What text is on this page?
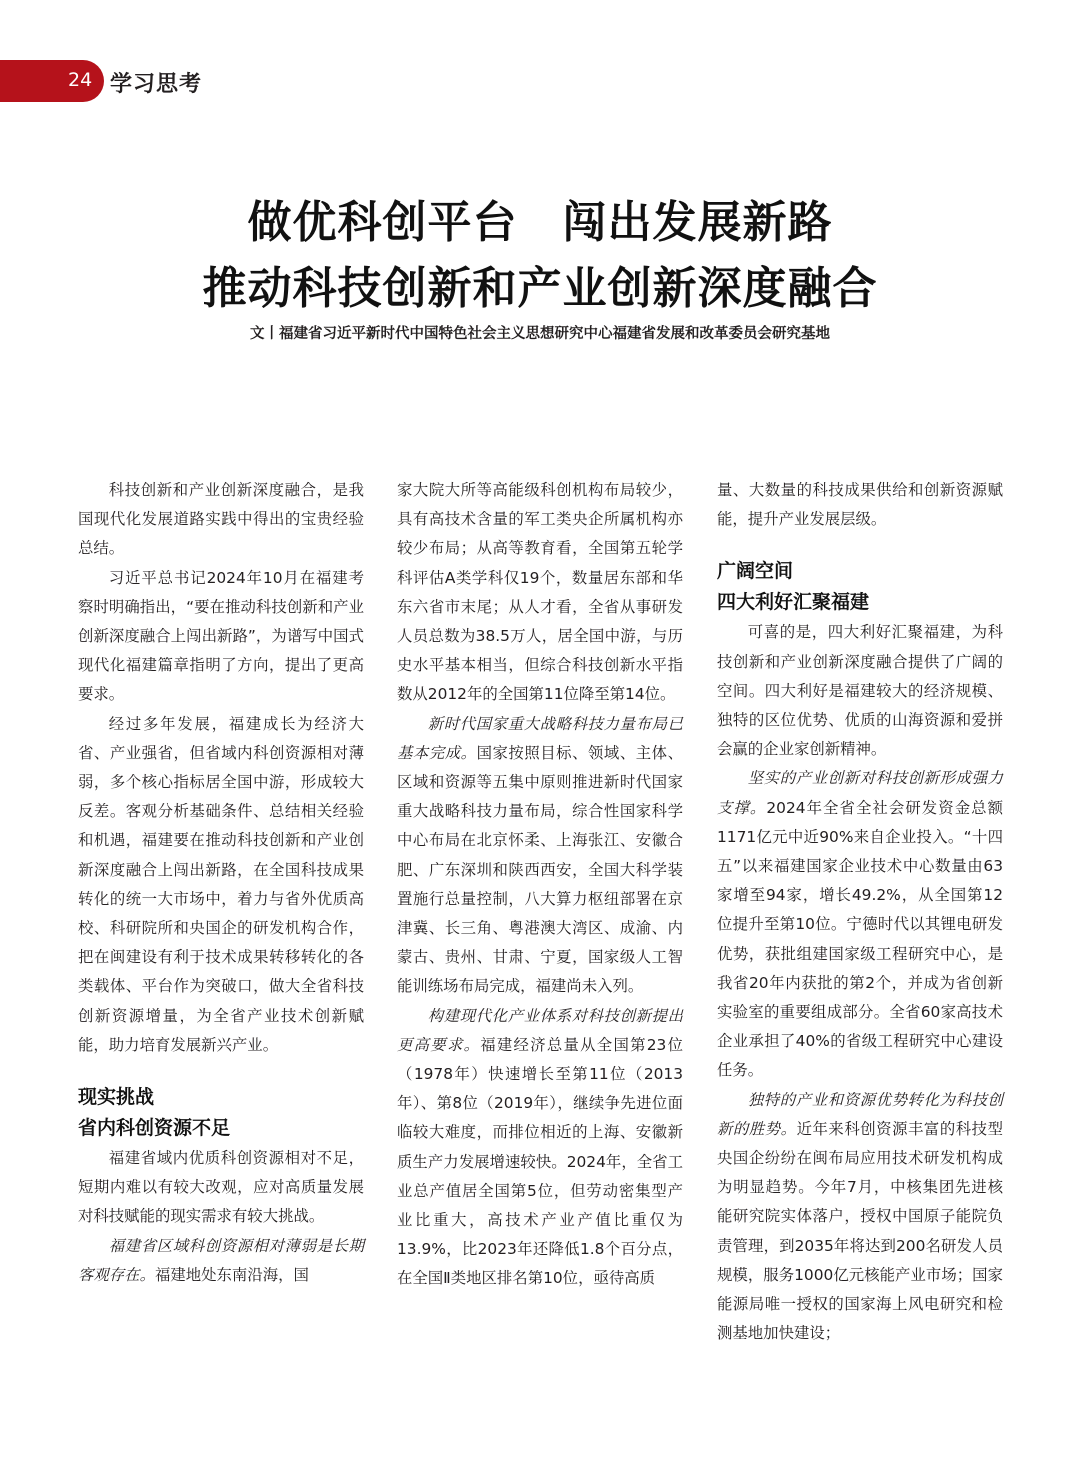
24 学习思考
做优科创平台　闯出发展新路
推动科技创新和产业创新深度融合
文丨福建省习近平新时代中国特色社会主义思想研究中心福建省发展和改革委员会研究基地

科技创新和产业创新深度融合，是我国现代化发展道路实践中得出的宝贵经验总结。

习近平总书记2024年10月在福建考察时明确指出，“要在推动科技创新和产业创新深度融合上闯出新路”，为谱写中国式现代化福建篇章指明了方向，提出了更高要求。

经过多年发展，福建成长为经济大省、产业强省，但省域内科创资源相对薄弱，多个核心指标居全国中游，形成较大反差。客观分析基础条件、总结相关经验和机遇，福建要在推动科技创新和产业创新深度融合上闯出新路，在全国科技成果转化的统一大市场中，着力与省外优质高校、科研院所和央国企的研发机构合作，把在闽建设有利于技术成果转移转化的各类载体、平台作为突破口，做大全省科技创新资源增量，为全省产业技术创新赋能，助力培育发展新兴产业。

现实挑战

省内科创资源不足

福建省域内优质科创资源相对不足，短期内难以有较大改观，应对高质量发展对科技赋能的现实需求有较大挑战。

福建省区域科创资源相对薄弱是长期客观存在。福建地处东南沿海，国

家大院大所等高能级科创机构布局较少，具有高技术含量的军工类央企所属机构亦较少布局；从高等教育看，全国第五轮学科评估A类学科仅19个，数量居东部和华东六省市末尾；从人才看，全省从事研发人员总数为38.5万人，居全国中游，与历史水平基本相当，但综合科技创新水平指数从2012年的全国第11位降至第14位。

新时代国家重大战略科技力量布局已基本完成。国家按照目标、领域、主体、区域和资源等五集中原则推进新时代国家重大战略科技力量布局，综合性国家科学中心布局在北京怀柔、上海张江、安徽合肥、广东深圳和陕西西安，全国大科学装置施行总量控制，八大算力枢纽部署在京津冀、长三角、粤港澳大湾区、成渝、内蒙古、贵州、甘肃、宁夏，国家级人工智能训练场布局完成，福建尚未入列。

构建现代化产业体系对科技创新提出更高要求。福建经济总量从全国第23位（1978年）快速增长至第11位（2013年）、第8位（2019年），继续争先进位面临较大难度，而排位相近的上海、安徽新质生产力发展增速较快。2024年，全省工业总产值居全国第5位，但劳动密集型产业比重大，高技术产业产值比重仅为13.9%，比2023年还降低1.8个百分点，在全国Ⅱ类地区排名第10位，亟待高质

量、大数量的科技成果供给和创新资源赋能，提升产业发展层级。

广阔空间

四大利好汇聚福建

可喜的是，四大利好汇聚福建，为科技创新和产业创新深度融合提供了广阔的空间。四大利好是福建较大的经济规模、独特的区位优势、优质的山海资源和爱拼会赢的企业家创新精神。

坚实的产业创新对科技创新形成强力支撑。2024年全省全社会研发资金总额1171亿元中近90%来自企业投入。“十四五”以来福建国家企业技术中心数量由63家增至94家，增长49.2%，从全国第12位提升至第10位。宁德时代以其锂电研发优势，获批组建国家级工程研究中心，是我省20年内获批的第2个，并成为省创新实验室的重要组成部分。全省60家高技术企业承担了40%的省级工程研究中心建设任务。

独特的产业和资源优势转化为科技创新的胜势。近年来科创资源丰富的科技型央国企纷纷在闽布局应用技术研发机构成为明显趋势。今年7月，中核集团先进核能研究院实体落户，授权中国原子能院负责管理，到2035年将达到200名研发人员规模，服务1000亿元核能产业市场；国家能源局唯一授权的国家海上风电研究和检测基地加快建设；
